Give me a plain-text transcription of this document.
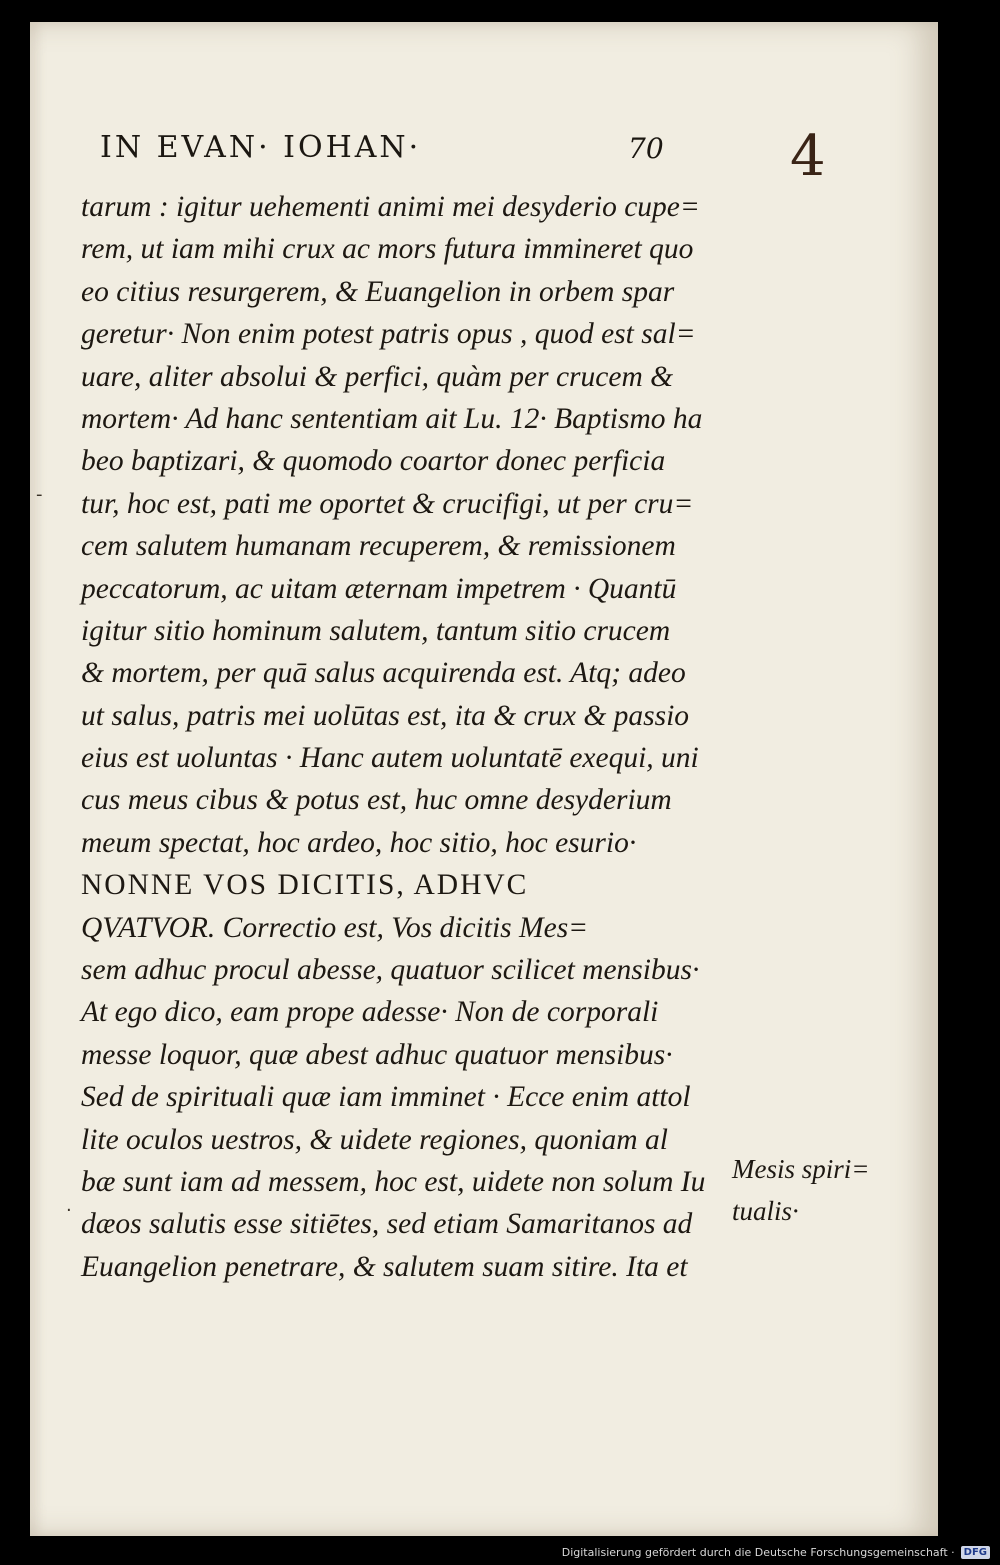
IN EVAN· IOHAN·	70 4
tarum : igitur uehementi animi mei desyderio cupe=
rem, ut iam mihi crux ac mors futura immineret quo
eo citius resurgerem, & Euangelion in orbem spar
geretur· Non enim potest patris opus , quod est sal=
uare, aliter absolui & perfici, quàm per crucem &
mortem· Ad hanc sententiam ait Lu. 12· Baptismo ha
beo baptizari, & quomodo coartor donec perficia
tur, hoc est, pati me oportet & crucifigi, ut per cru=
cem salutem humanam recuperem, & remissionem
peccatorum, ac uitam æternam impetrem · Quantū
igitur sitio hominum salutem, tantum sitio crucem
& mortem, per quā salus acquirenda est. Atq; adeo
ut salus, patris mei uolūtas est, ita & crux & passio
eius est uoluntas · Hanc autem uoluntatē exequi, uni
cus meus cibus & potus est, huc omne desyderium
meum spectat, hoc ardeo, hoc sitio, hoc esurio·
NONNE VOS DICITIS, ADHVC
QVATVOR. Correctio est, Vos dicitis Mes=
sem adhuc procul abesse, quatuor scilicet mensibus·
At ego dico, eam prope adesse· Non de corporali
messe loquor, quæ abest adhuc quatuor mensibus·
Sed de spirituali quæ iam imminet · Ecce enim attol
lite oculos uestros, & uidete regiones, quoniam al
bæ sunt iam ad messem, hoc est, uidete non solum Iu
dæos salutis esse sitiētes, sed etiam Samaritanos ad
Euangelion penetrare, & salutem suam sitire. Ita et
Mesis spiri=
tualis·
-
·
Digitalisierung gefördert durch die Deutsche Forschungsgemeinschaft · DFG
